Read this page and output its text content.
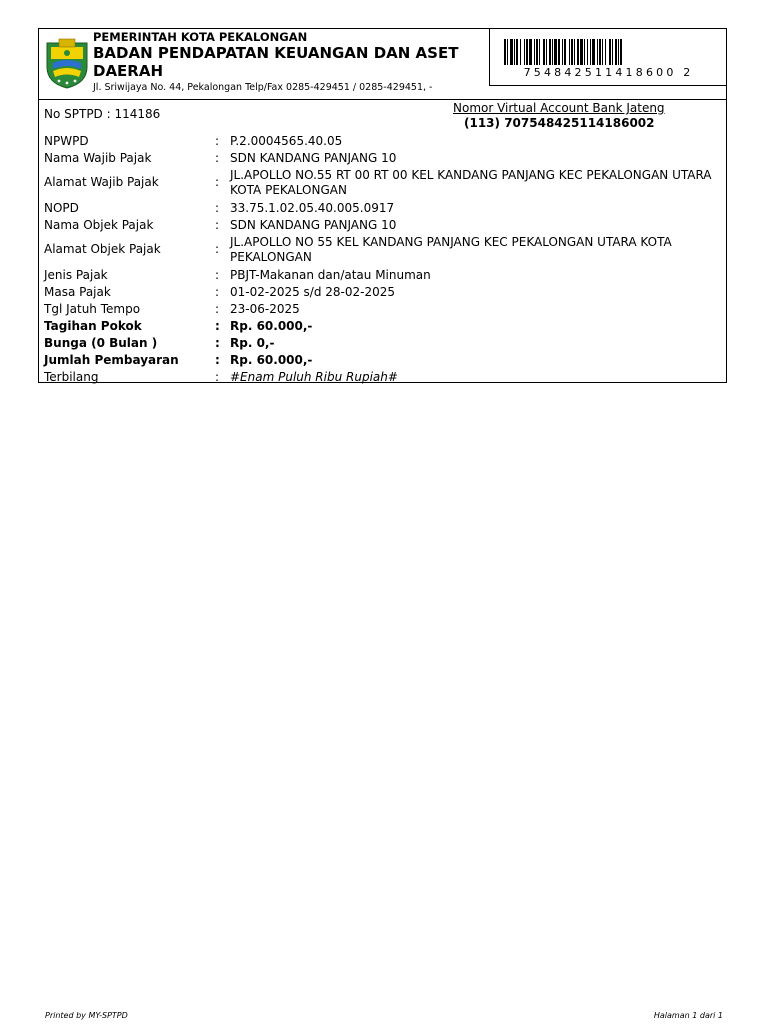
PEMERINTAH KOTA PEKALONGAN
BADAN PENDAPATAN KEUANGAN DAN ASET DAERAH
Jl. Sriwijaya No. 44, Pekalongan Telp/Fax 0285-429451 / 0285-429451, -
754842511418600 2
No SPTPD : 114186	Nomor Virtual Account Bank Jateng
(113) 707548425114186002
NPWPD	: P.2.0004565.40.05
Nama Wajib Pajak	: SDN KANDANG PANJANG 10
Alamat Wajib Pajak	: JL.APOLLO NO.55 RT 00 RT 00 KEL KANDANG PANJANG KEC PEKALONGAN UTARA KOTA PEKALONGAN
NOPD	: 33.75.1.02.05.40.005.0917
Nama Objek Pajak	: SDN KANDANG PANJANG 10
Alamat Objek Pajak	: JL.APOLLO NO 55 KEL KANDANG PANJANG KEC PEKALONGAN UTARA KOTA PEKALONGAN
Jenis Pajak	: PBJT-Makanan dan/atau Minuman
Masa Pajak	: 01-02-2025 s/d 28-02-2025
Tgl Jatuh Tempo	: 23-06-2025
Tagihan Pokok	: Rp. 60.000,-
Bunga (0 Bulan )	: Rp. 0,-
Jumlah Pembayaran	: Rp. 60.000,-
Terbilang	: #Enam Puluh Ribu Rupiah#
Printed by MY-SPTPD	Halaman 1 dari 1
